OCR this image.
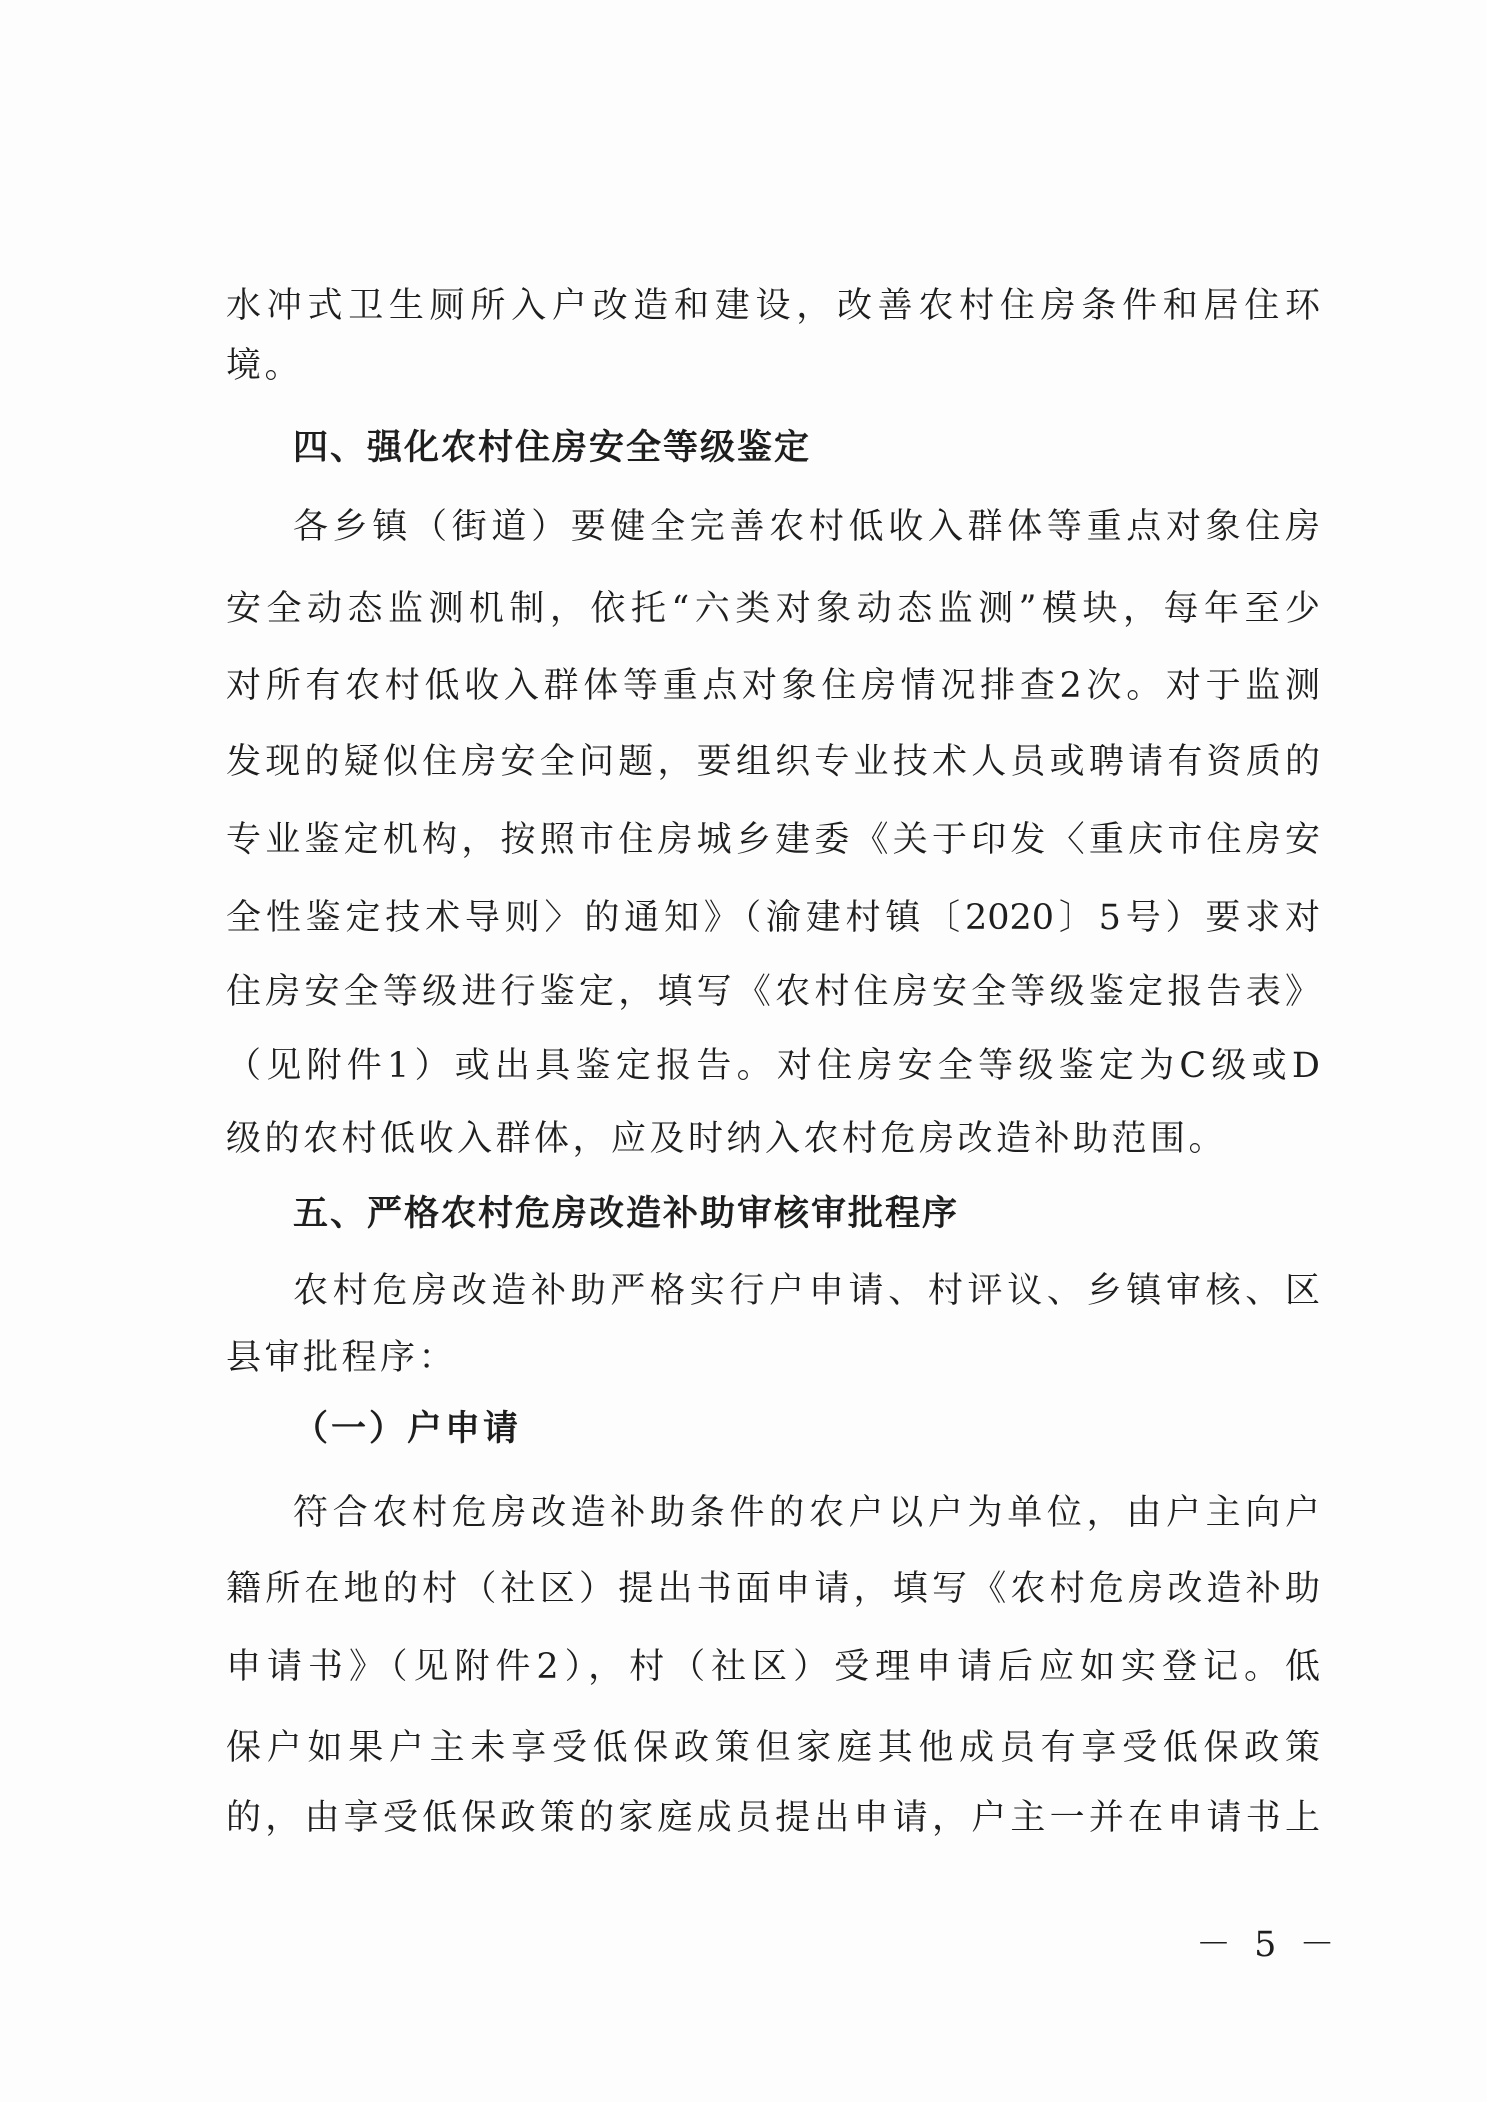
水冲式卫生厕所入户改造和建设，改善农村住房条件和居住环
境。
四、强化农村住房安全等级鉴定
各乡镇（街道）要健全完善农村低收入群体等重点对象住房
安全动态监测机制，依托“六类对象动态监测”模块，每年至少
对所有农村低收入群体等重点对象住房情况排查2次。对于监测
发现的疑似住房安全问题，要组织专业技术人员或聘请有资质的
专业鉴定机构，按照市住房城乡建委《关于印发〈重庆市住房安
全性鉴定技术导则〉的通知》（渝建村镇〔2020〕5号）要求对
住房安全等级进行鉴定，填写《农村住房安全等级鉴定报告表》
（见附件1）或出具鉴定报告。对住房安全等级鉴定为C级或D
级的农村低收入群体，应及时纳入农村危房改造补助范围。
五、严格农村危房改造补助审核审批程序
农村危房改造补助严格实行户申请、村评议、乡镇审核、区
县审批程序：
（一）户申请
符合农村危房改造补助条件的农户以户为单位，由户主向户
籍所在地的村（社区）提出书面申请，填写《农村危房改造补助
申请书》（见附件2），村（社区）受理申请后应如实登记。低
保户如果户主未享受低保政策但家庭其他成员有享受低保政策
的，由享受低保政策的家庭成员提出申请，户主一并在申请书上
－ 5 －
